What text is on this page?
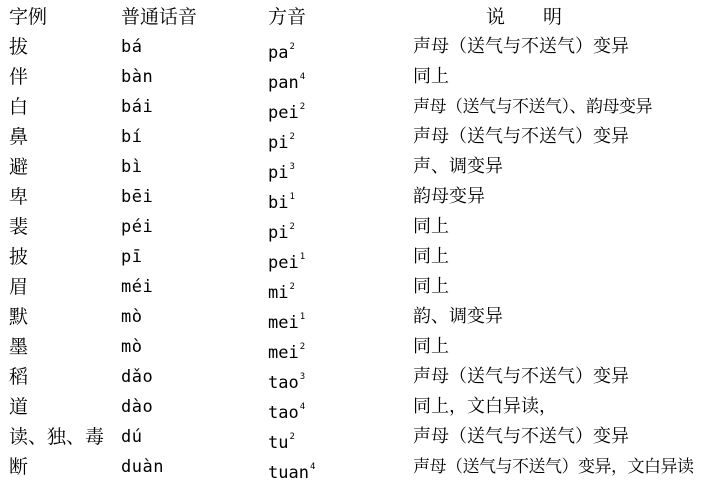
字例	普通话音	方音	说明
拔	bá	$pa^2$	声母（送气与不送气）变异
伴	bàn	pan$^4$	同上
白	bái	pei$^2$	声母（送气与不送气）、韵母变异
鼻	bí	$pi^2$	声母（送气与不送气）变异
避	bì	$pi^3$	声、调变异
卑	bēi	$bi^1$	韵母变异
裴	péi	$pi^2$	同上
披	pī	pei$^1$	同上
眉	méi	$mi^2$	同上
默	mò	mei$^1$	韵、调变异
墨	mò	mei$^2$	同上
稻	dǎo	tao$^3$	声母（送气与不送气）变异
道	dào	tao$^4$	同上，文白异读，
读、独、毒 dú	$tu^2$	声母（送气与不送气）变异
断	duàn	tuan$^4$	声母（送气与不送气）变异，文白异读
